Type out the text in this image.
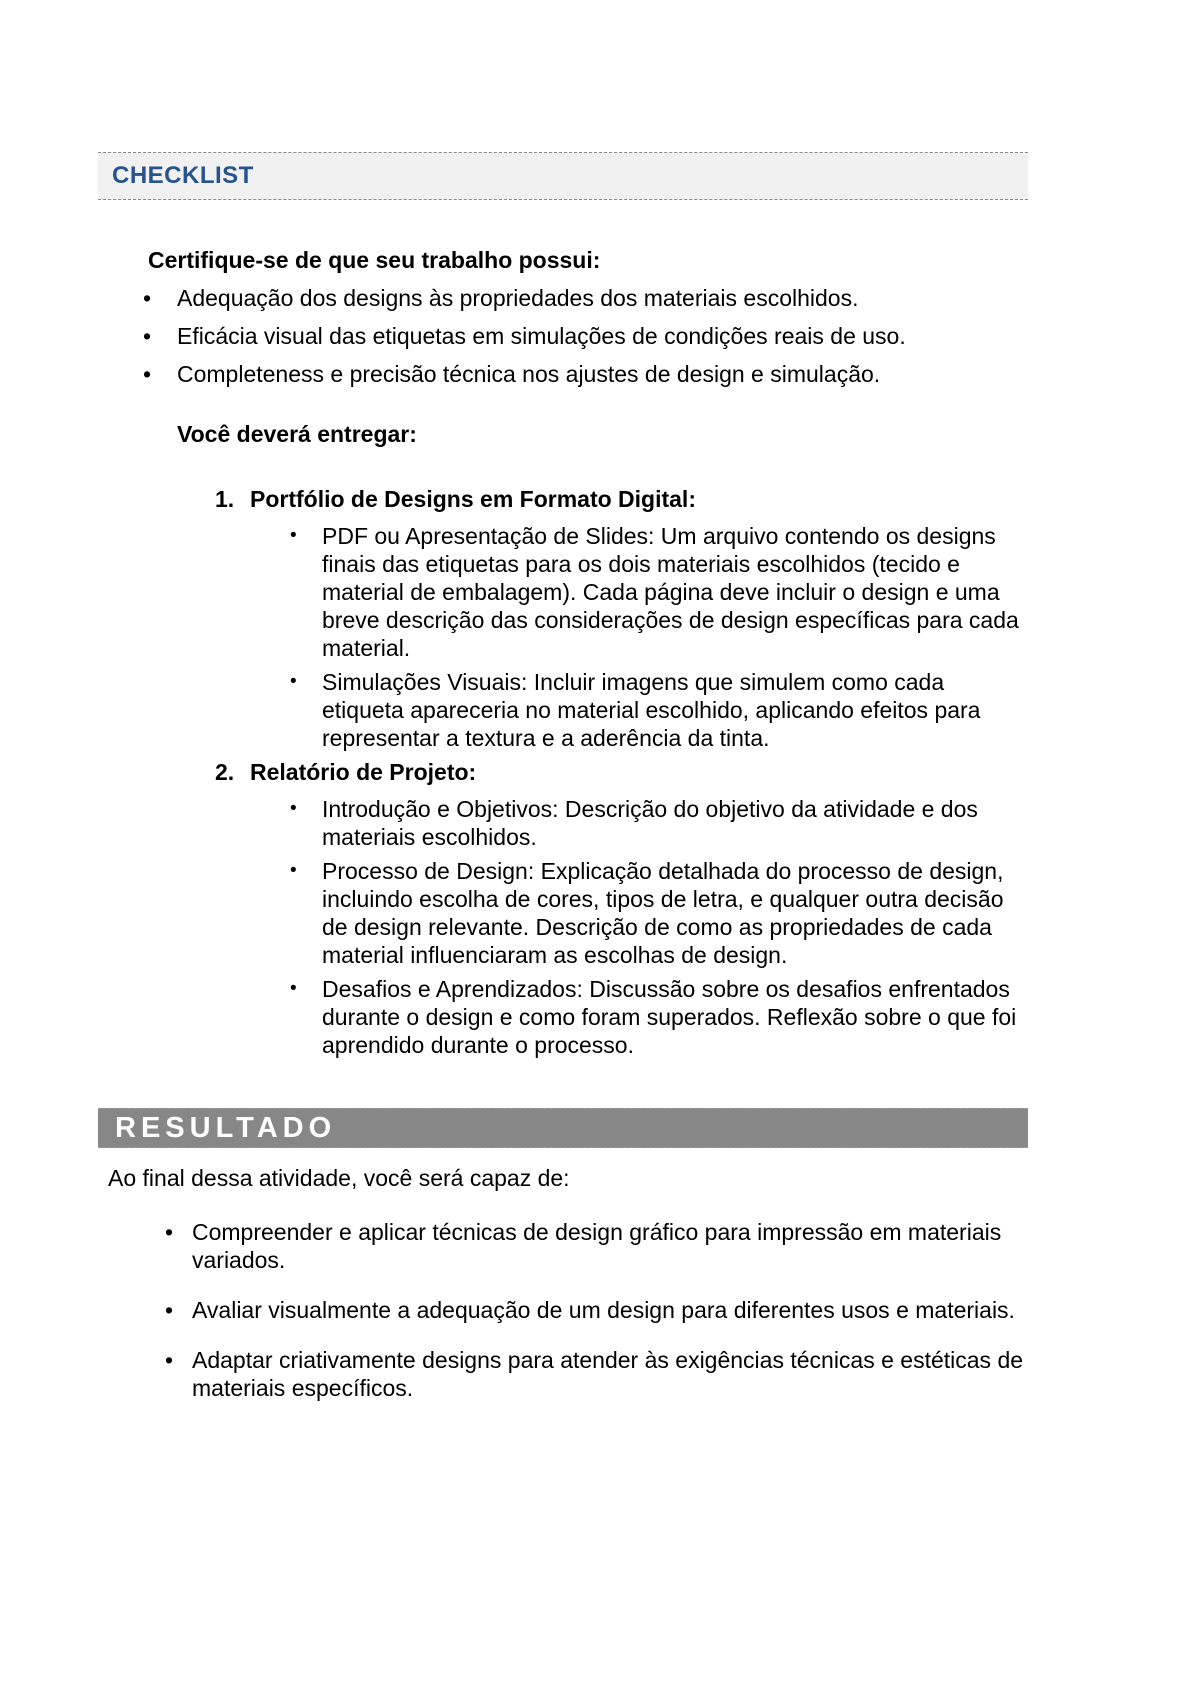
CHECKLIST

Certifique-se de que seu trabalho possui:

•	Adequação dos designs às propriedades dos materiais escolhidos.
•	Eficácia visual das etiquetas em simulações de condições reais de uso.
•	Completeness e precisão técnica nos ajustes de design e simulação.

Você deverá entregar:

1. Portfólio de Designs em Formato Digital:
•	PDF ou Apresentação de Slides: Um arquivo contendo os designs finais das etiquetas para os dois materiais escolhidos (tecido e material de embalagem). Cada página deve incluir o design e uma breve descrição das considerações de design específicas para cada material.
•	Simulações Visuais: Incluir imagens que simulem como cada etiqueta apareceria no material escolhido, aplicando efeitos para representar a textura e a aderência da tinta.
2. Relatório de Projeto:
•	Introdução e Objetivos: Descrição do objetivo da atividade e dos materiais escolhidos.
•	Processo de Design: Explicação detalhada do processo de design, incluindo escolha de cores, tipos de letra, e qualquer outra decisão de design relevante. Descrição de como as propriedades de cada material influenciaram as escolhas de design.
•	Desafios e Aprendizados: Discussão sobre os desafios enfrentados durante o design e como foram superados. Reflexão sobre o que foi aprendido durante o processo.
RESULTADO

Ao final dessa atividade, você será capaz de:

• Compreender e aplicar técnicas de design gráfico para impressão em materiais variados.
• Avaliar visualmente a adequação de um design para diferentes usos e materiais.
• Adaptar criativamente designs para atender às exigências técnicas e estéticas de materiais específicos.
